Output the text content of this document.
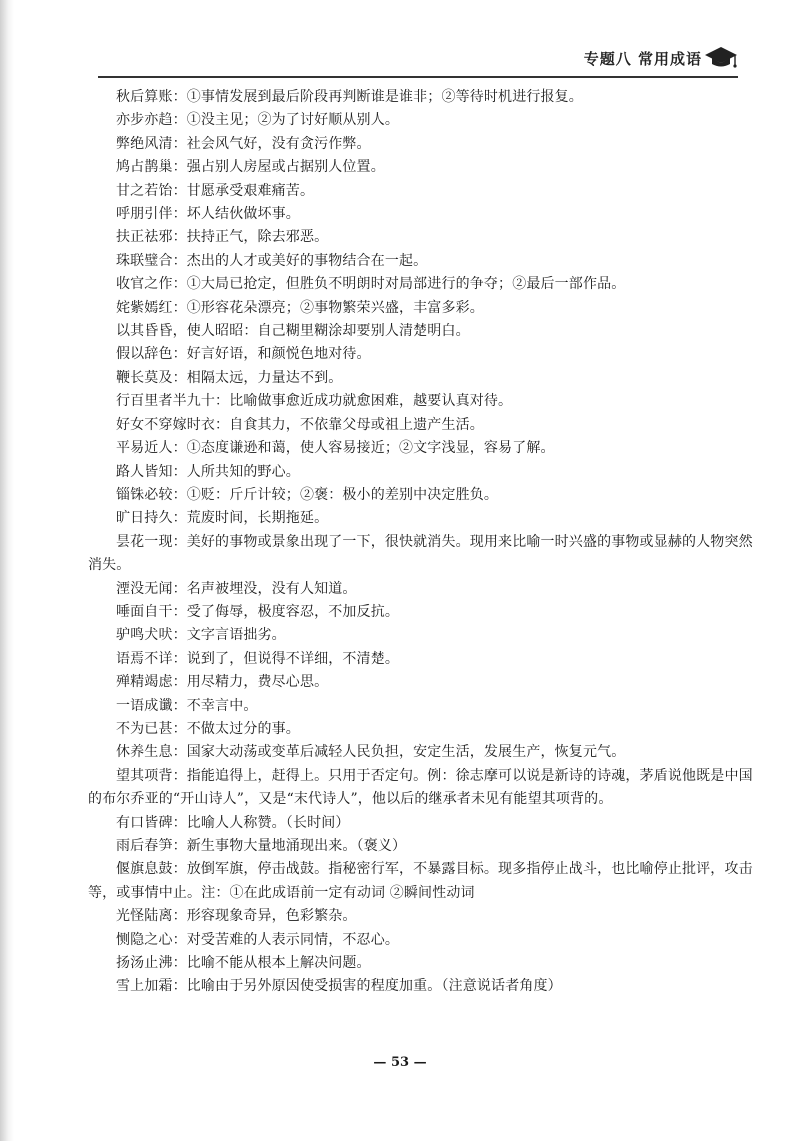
专题八 常用成语

秋后算账：①事情发展到最后阶段再判断谁是谁非；②等待时机进行报复。

亦步亦趋：①没主见；②为了讨好顺从别人。

弊绝风清：社会风气好，没有贪污作弊。

鸠占鹊巢：强占别人房屋或占据别人位置。

甘之若饴：甘愿承受艰难痛苦。

呼朋引伴：坏人结伙做坏事。

扶正祛邪：扶持正气，除去邪恶。

珠联璧合：杰出的人才或美好的事物结合在一起。

收官之作：①大局已抢定，但胜负不明朗时对局部进行的争夺；②最后一部作品。

姹紫嫣红：①形容花朵漂亮；②事物繁荣兴盛，丰富多彩。

以其昏昏，使人昭昭：自己糊里糊涂却要别人清楚明白。

假以辞色：好言好语，和颜悦色地对待。

鞭长莫及：相隔太远，力量达不到。

行百里者半九十：比喻做事愈近成功就愈困难，越要认真对待。

好女不穿嫁时衣：自食其力，不依靠父母或祖上遗产生活。

平易近人：①态度谦逊和蔼，使人容易接近；②文字浅显，容易了解。

路人皆知：人所共知的野心。

锱铢必较：①贬：斤斤计较；②褒：极小的差别中决定胜负。

旷日持久：荒废时间，长期拖延。

昙花一现：美好的事物或景象出现了一下，很快就消失。现用来比喻一时兴盛的事物或显赫的人物突然消失。

湮没无闻：名声被埋没，没有人知道。

唾面自干：受了侮辱，极度容忍，不加反抗。

驴鸣犬吠：文字言语拙劣。

语焉不详：说到了，但说得不详细，不清楚。

殚精竭虑：用尽精力，费尽心思。

一语成谶：不幸言中。

不为已甚：不做太过分的事。

休养生息：国家大动荡或变革后减轻人民负担，安定生活，发展生产，恢复元气。

望其项背：指能追得上，赶得上。只用于否定句。例：徐志摩可以说是新诗的诗魂，茅盾说他既是中国的布尔乔亚的“开山诗人”，又是“末代诗人”，他以后的继承者未见有能望其项背的。

有口皆碑：比喻人人称赞。（长时间）

雨后春笋：新生事物大量地涌现出来。（褒义）

偃旗息鼓：放倒军旗，停击战鼓。指秘密行军，不暴露目标。现多指停止战斗，也比喻停止批评，攻击等，或事情中止。注：①在此成语前一定有动词 ②瞬间性动词

光怪陆离：形容现象奇异，色彩繁杂。

恻隐之心：对受苦难的人表示同情，不忍心。

扬汤止沸：比喻不能从根本上解决问题。

雪上加霜：比喻由于另外原因使受损害的程度加重。（注意说话者角度）

— 53 —
